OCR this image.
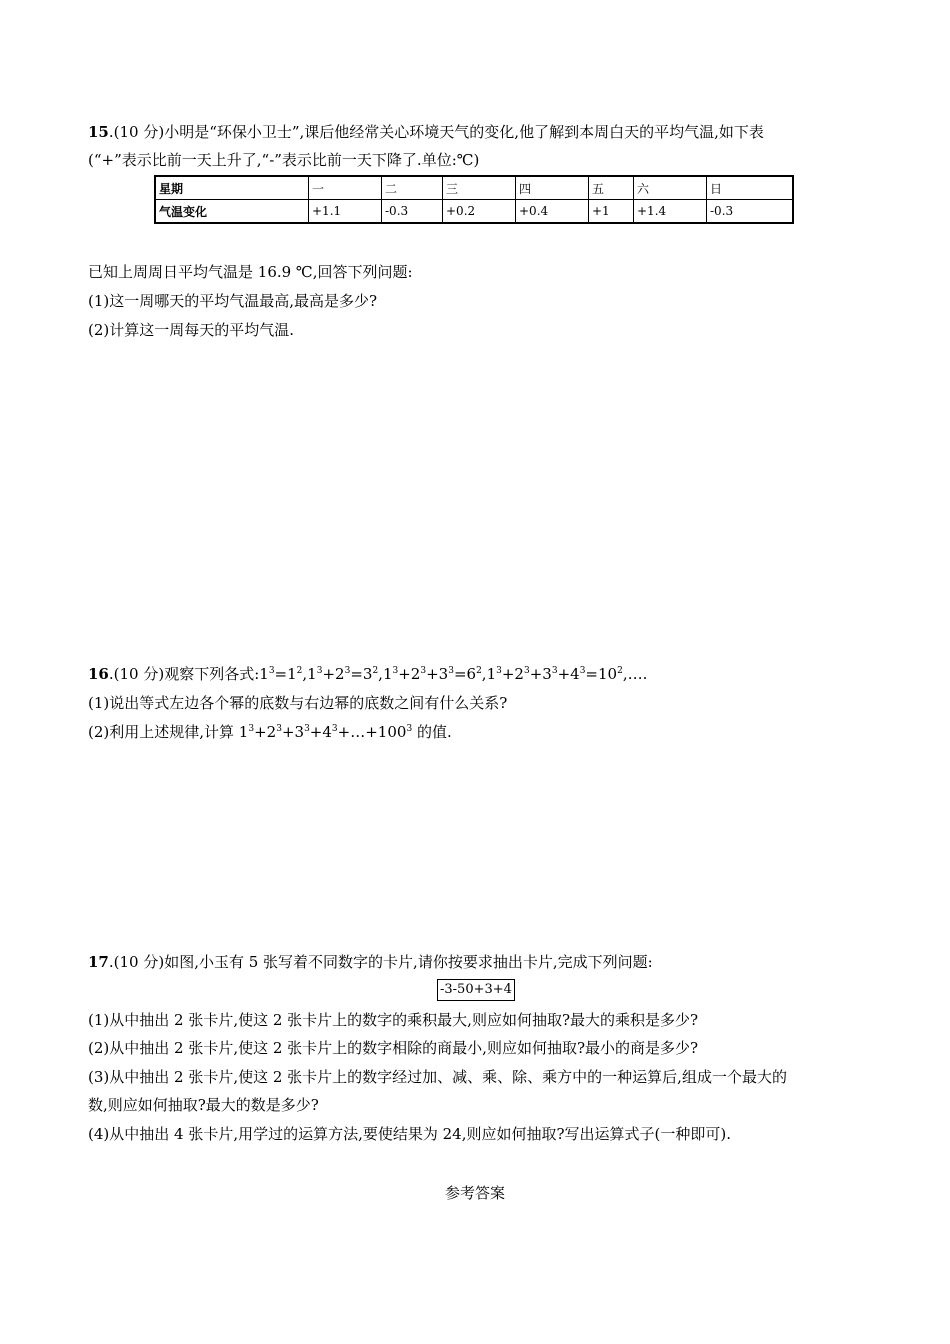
15.(10 分)小明是“环保小卫士”,课后他经常关心环境天气的变化,他了解到本周白天的平均气温,如下表
(“+”表示比前一天上升了,“-”表示比前一天下降了.单位:℃)
星期	一	二	三	四	五	六	日
气温变化	+1.1	-0.3	+0.2	+0.4	+1	+1.4	-0.3
已知上周周日平均气温是 16.9 ℃,回答下列问题:
(1)这一周哪天的平均气温最高,最高是多少?
(2)计算这一周每天的平均气温.
16.(10 分)观察下列各式$:1^3=1^2,1^3+2^3=3^2,1^3+2^3+3^3=6^2,1^3+2^3+3^3+4^3=10^2,\dots$.
(1)说出等式左边各个幂的底数与右边幂的底数之间有什么关系?
(2)利用上述规律,计算 $1^3+2^3+3^3+4^3+\dots+100^3$ 的值.
17.(10 分)如图,小玉有 5 张写着不同数字的卡片,请你按要求抽出卡片,完成下列问题:
-3-50+3+4
(1)从中抽出 2 张卡片,使这 2 张卡片上的数字的乘积最大,则应如何抽取?最大的乘积是多少?
(2)从中抽出 2 张卡片,使这 2 张卡片上的数字相除的商最小,则应如何抽取?最小的商是多少?
(3)从中抽出 2 张卡片,使这 2 张卡片上的数字经过加、减、乘、除、乘方中的一种运算后,组成一个最大的
数,则应如何抽取?最大的数是多少?
(4)从中抽出 4 张卡片,用学过的运算方法,要使结果为 24,则应如何抽取?写出运算式子(一种即可).
参考答案
